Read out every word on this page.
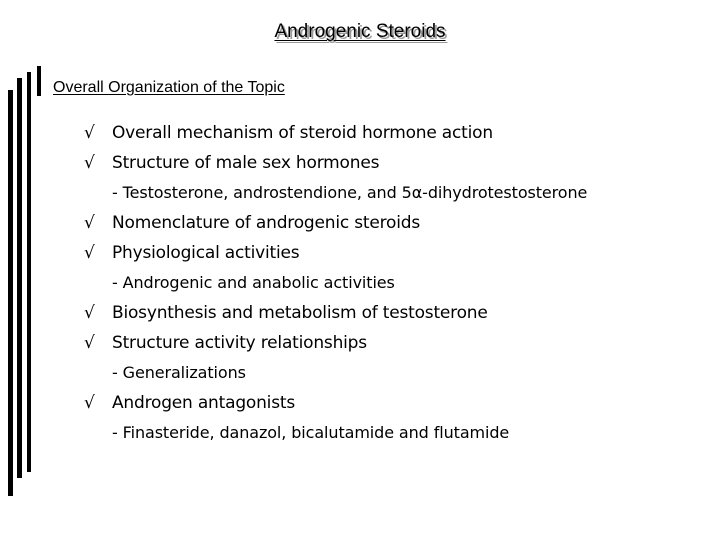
Androgenic Steroids
Overall Organization of the Topic
√ Overall mechanism of steroid hormone action
√ Structure of male sex hormones
- Testosterone, androstendione, and 5α-dihydrotestosterone
√ Nomenclature of androgenic steroids
√ Physiological activities
- Androgenic and anabolic activities
√ Biosynthesis and metabolism of testosterone
√ Structure activity relationships
- Generalizations
√ Androgen antagonists
- Finasteride, danazol, bicalutamide and flutamide
